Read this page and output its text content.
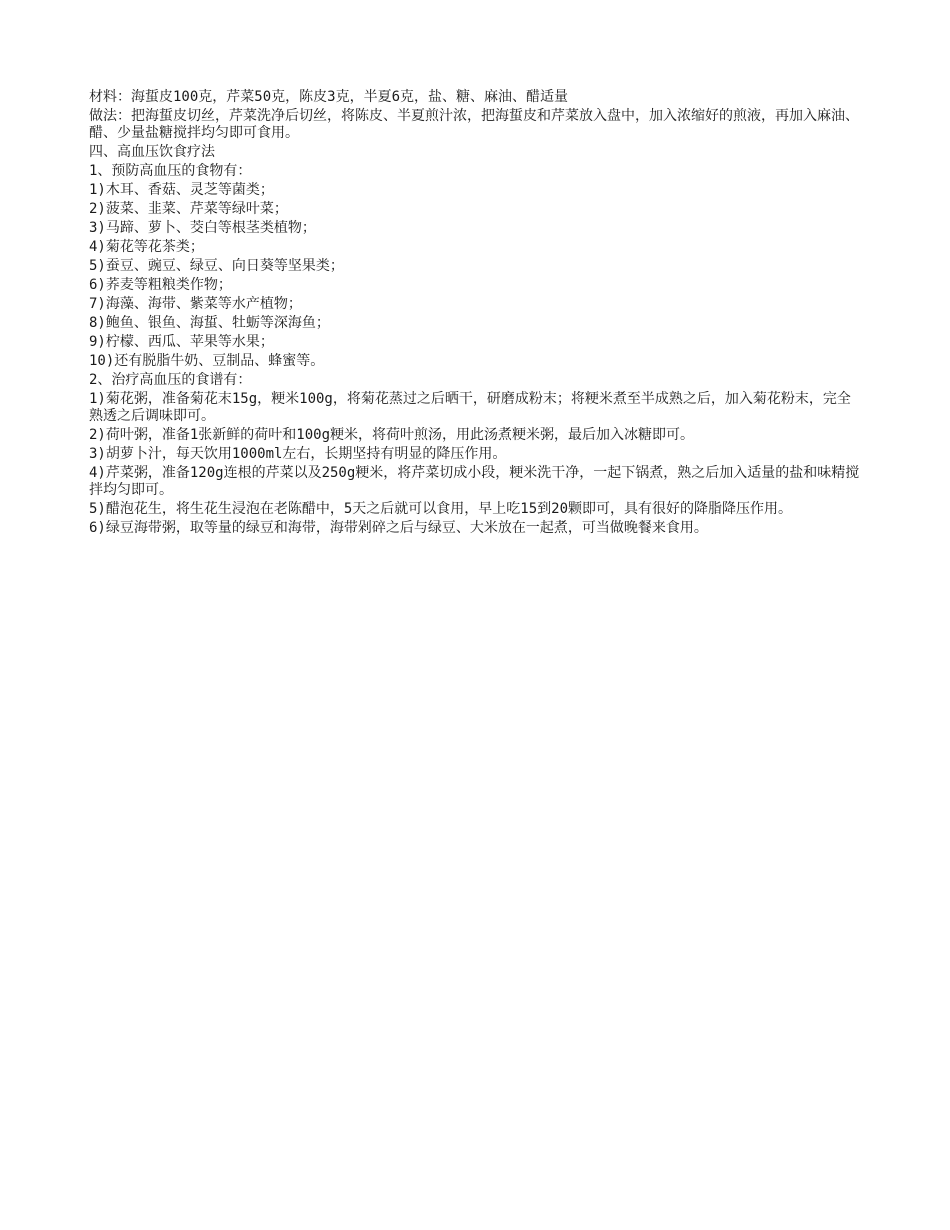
材料：海蜇皮100克，芹菜50克，陈皮3克，半夏6克，盐、糖、麻油、醋适量

做法：把海蜇皮切丝，芹菜洗净后切丝，将陈皮、半夏煎汁浓，把海蜇皮和芹菜放入盘中，加入浓缩好的煎液，再加入麻油、醋、少量盐糖搅拌均匀即可食用。

四、高血压饮食疗法

1、预防高血压的食物有：

1)木耳、香菇、灵芝等菌类；

2)菠菜、韭菜、芹菜等绿叶菜；

3)马蹄、萝卜、茭白等根茎类植物；

4)菊花等花茶类；

5)蚕豆、豌豆、绿豆、向日葵等坚果类；

6)荞麦等粗粮类作物；

7)海藻、海带、紫菜等水产植物；

8)鲍鱼、银鱼、海蜇、牡蛎等深海鱼；

9)柠檬、西瓜、苹果等水果；

10)还有脱脂牛奶、豆制品、蜂蜜等。

2、治疗高血压的食谱有：

1)菊花粥，准备菊花末15g，粳米100g，将菊花蒸过之后晒干，研磨成粉末；将粳米煮至半成熟之后，加入菊花粉末，完全熟透之后调味即可。

2)荷叶粥，准备1张新鲜的荷叶和100g粳米，将荷叶煎汤，用此汤煮粳米粥，最后加入冰糖即可。

3)胡萝卜汁，每天饮用1000ml左右，长期坚持有明显的降压作用。

4)芹菜粥，准备120g连根的芹菜以及250g粳米，将芹菜切成小段，粳米洗干净，一起下锅煮，熟之后加入适量的盐和味精搅拌均匀即可。

5)醋泡花生，将生花生浸泡在老陈醋中，5天之后就可以食用，早上吃15到20颗即可，具有很好的降脂降压作用。

6)绿豆海带粥，取等量的绿豆和海带，海带剁碎之后与绿豆、大米放在一起煮，可当做晚餐来食用。
